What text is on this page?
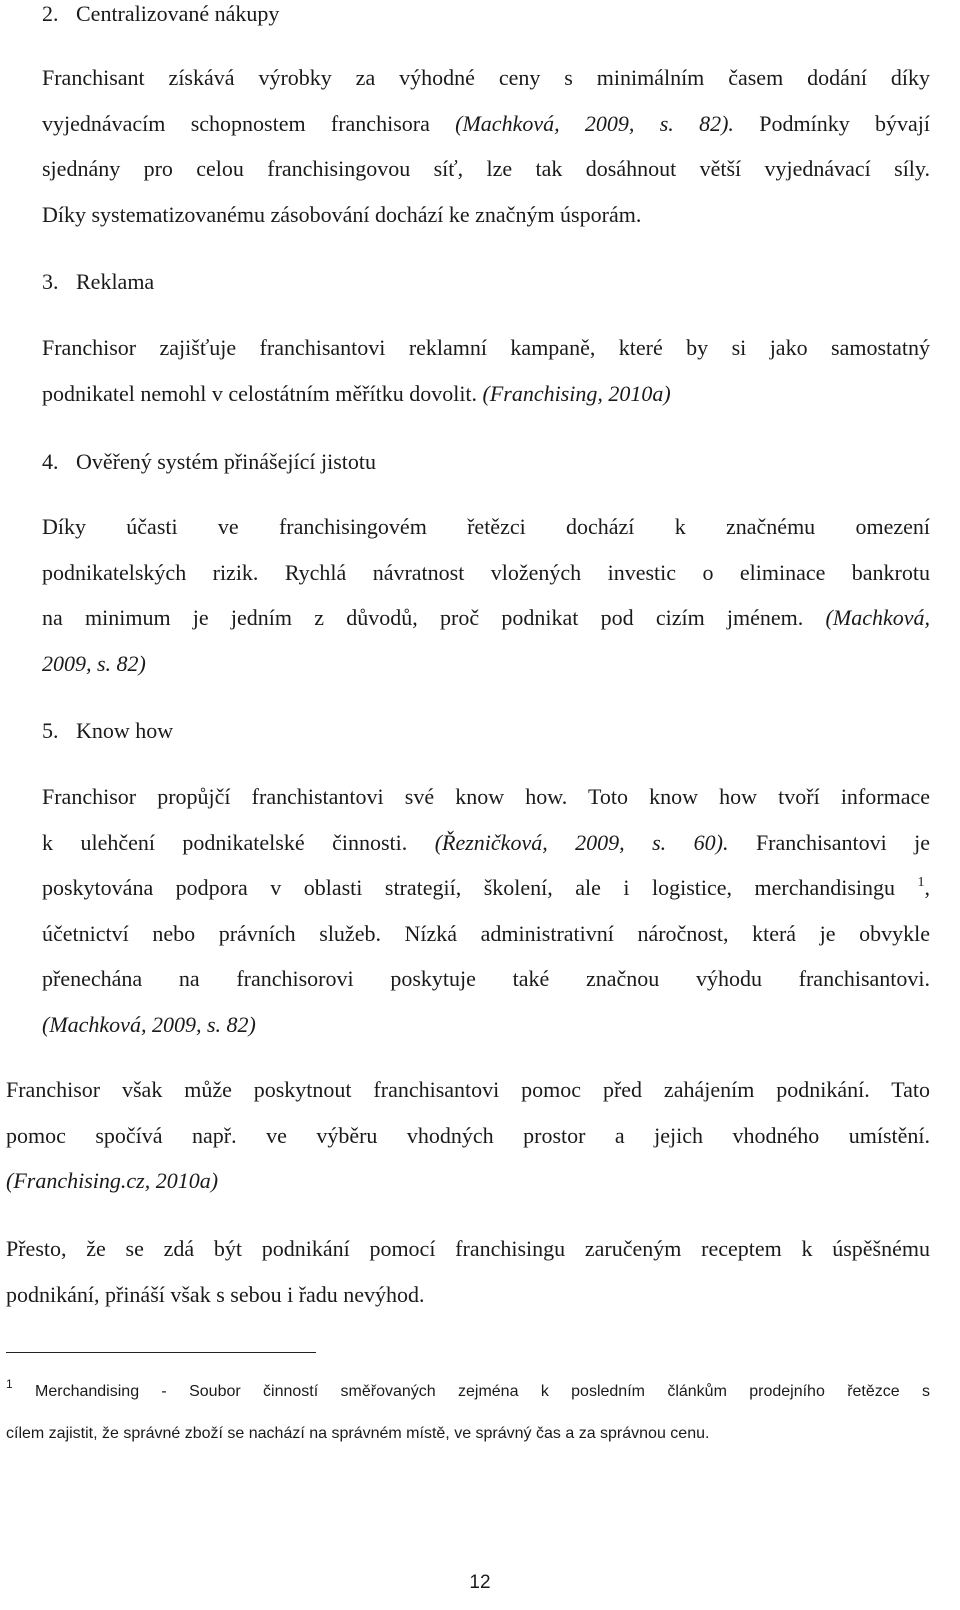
2. Centralizované nákupy
Franchisant získává výrobky za výhodné ceny s minimálním časem dodání díky
vyjednávacím schopnostem franchisora (Machková, 2009, s. 82). Podmínky bývají
sjednány pro celou franchisingovou síť, lze tak dosáhnout větší vyjednávací síly.
Díky systematizovanému zásobování dochází ke značným úsporám.
3. Reklama
Franchisor zajišťuje franchisantovi reklamní kampaně, které by si jako samostatný
podnikatel nemohl v celostátním měřítku dovolit. (Franchising, 2010a)
4. Ověřený systém přinášející jistotu
Díky účasti ve franchisingovém řetězci dochází k značnému omezení
podnikatelských rizik. Rychlá návratnost vložených investic o eliminace bankrotu
na minimum je jedním z důvodů, proč podnikat pod cizím jménem. (Machková,
2009, s. 82)
5. Know how
Franchisor propůjčí franchistantovi své know how. Toto know how tvoří informace
k ulehčení podnikatelské činnosti. (Řezničková, 2009, s. 60). Franchisantovi je
poskytována podpora v oblasti strategií, školení, ale i logistice, merchandisingu $^1$,
účetnictví nebo právních služeb. Nízká administrativní náročnost, která je obvykle
přenechána na franchisorovi poskytuje také značnou výhodu franchisantovi.
(Machková, 2009, s. 82)
Franchisor však může poskytnout franchisantovi pomoc před zahájením podnikání. Tato
pomoc spočívá např. ve výběru vhodných prostor a jejich vhodného umístění.
(Franchising.cz, 2010a)
Přesto, že se zdá být podnikání pomocí franchisingu zaručeným receptem k úspěšnému
podnikání, přináší však s sebou i řadu nevýhod.
$^1$ Merchandising - Soubor činností směřovaných zejména k posledním článkům prodejního řetězce s
cílem zajistit, že správné zboží se nachází na správném místě, ve správný čas a za správnou cenu.
12
